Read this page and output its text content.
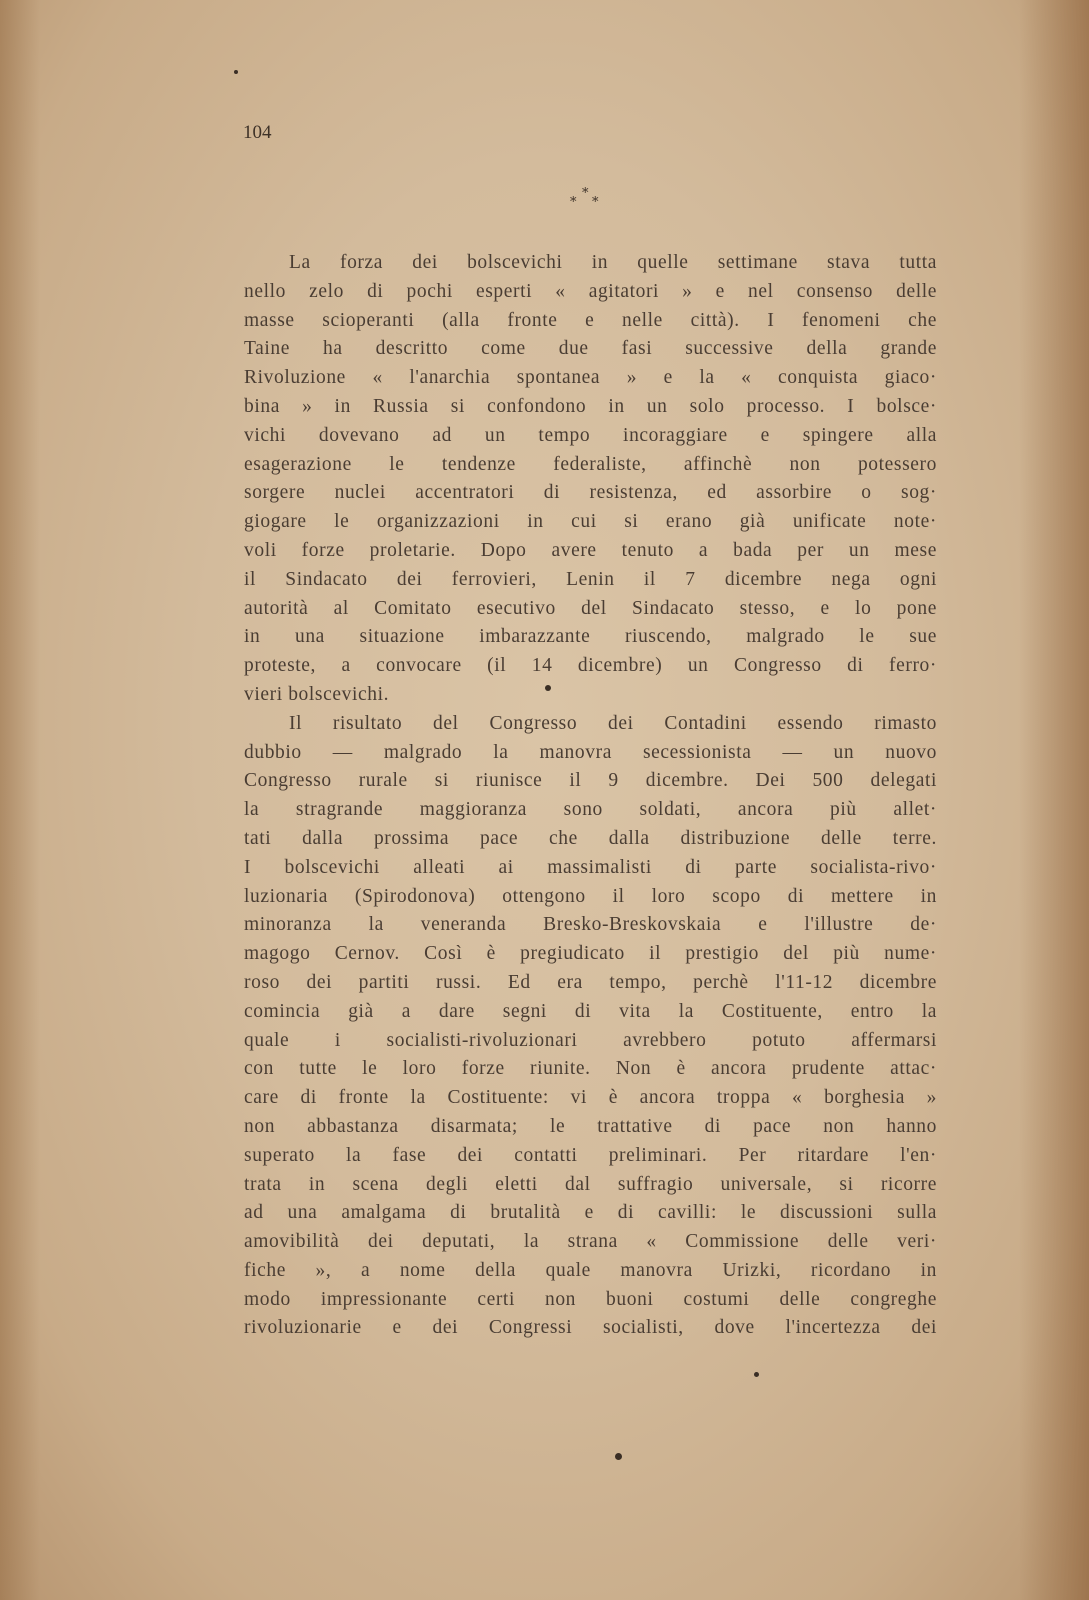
104
*
* *
La forza dei bolscevichi in quelle settimane stava tutta
nello zelo di pochi esperti « agitatori » e nel consenso delle
masse scioperanti (alla fronte e nelle città). I fenomeni che
Taine ha descritto come due fasi successive della grande
Rivoluzione « l'anarchia spontanea » e la « conquista giaco·
bina » in Russia si confondono in un solo processo. I bolsce·
vichi dovevano ad un tempo incoraggiare e spingere alla
esagerazione le tendenze federaliste, affinchè non potessero
sorgere nuclei accentratori di resistenza, ed assorbire o sog·
giogare le organizzazioni in cui si erano già unificate note·
voli forze proletarie. Dopo avere tenuto a bada per un mese
il Sindacato dei ferrovieri, Lenin il 7 dicembre nega ogni
autorità al Comitato esecutivo del Sindacato stesso, e lo pone
in una situazione imbarazzante riuscendo, malgrado le sue
proteste, a convocare (il 14 dicembre) un Congresso di ferro·
vieri bolscevichi.
Il risultato del Congresso dei Contadini essendo rimasto
dubbio — malgrado la manovra secessionista — un nuovo
Congresso rurale si riunisce il 9 dicembre. Dei 500 delegati
la stragrande maggioranza sono soldati, ancora più allet·
tati dalla prossima pace che dalla distribuzione delle terre.
I bolscevichi alleati ai massimalisti di parte socialista-rivo·
luzionaria (Spirodonova) ottengono il loro scopo di mettere in
minoranza la veneranda Bresko-Breskovskaia e l'illustre de·
magogo Cernov. Così è pregiudicato il prestigio del più nume·
roso dei partiti russi. Ed era tempo, perchè l'11-12 dicembre
comincia già a dare segni di vita la Costituente, entro la
quale i socialisti-rivoluzionari avrebbero potuto affermarsi
con tutte le loro forze riunite. Non è ancora prudente attac·
care di fronte la Costituente: vi è ancora troppa « borghesia »
non abbastanza disarmata; le trattative di pace non hanno
superato la fase dei contatti preliminari. Per ritardare l'en·
trata in scena degli eletti dal suffragio universale, si ricorre
ad una amalgama di brutalità e di cavilli: le discussioni sulla
amovibilità dei deputati, la strana « Commissione delle veri·
fiche », a nome della quale manovra Urizki, ricordano in
modo impressionante certi non buoni costumi delle congreghe
rivoluzionarie e dei Congressi socialisti, dove l'incertezza dei
